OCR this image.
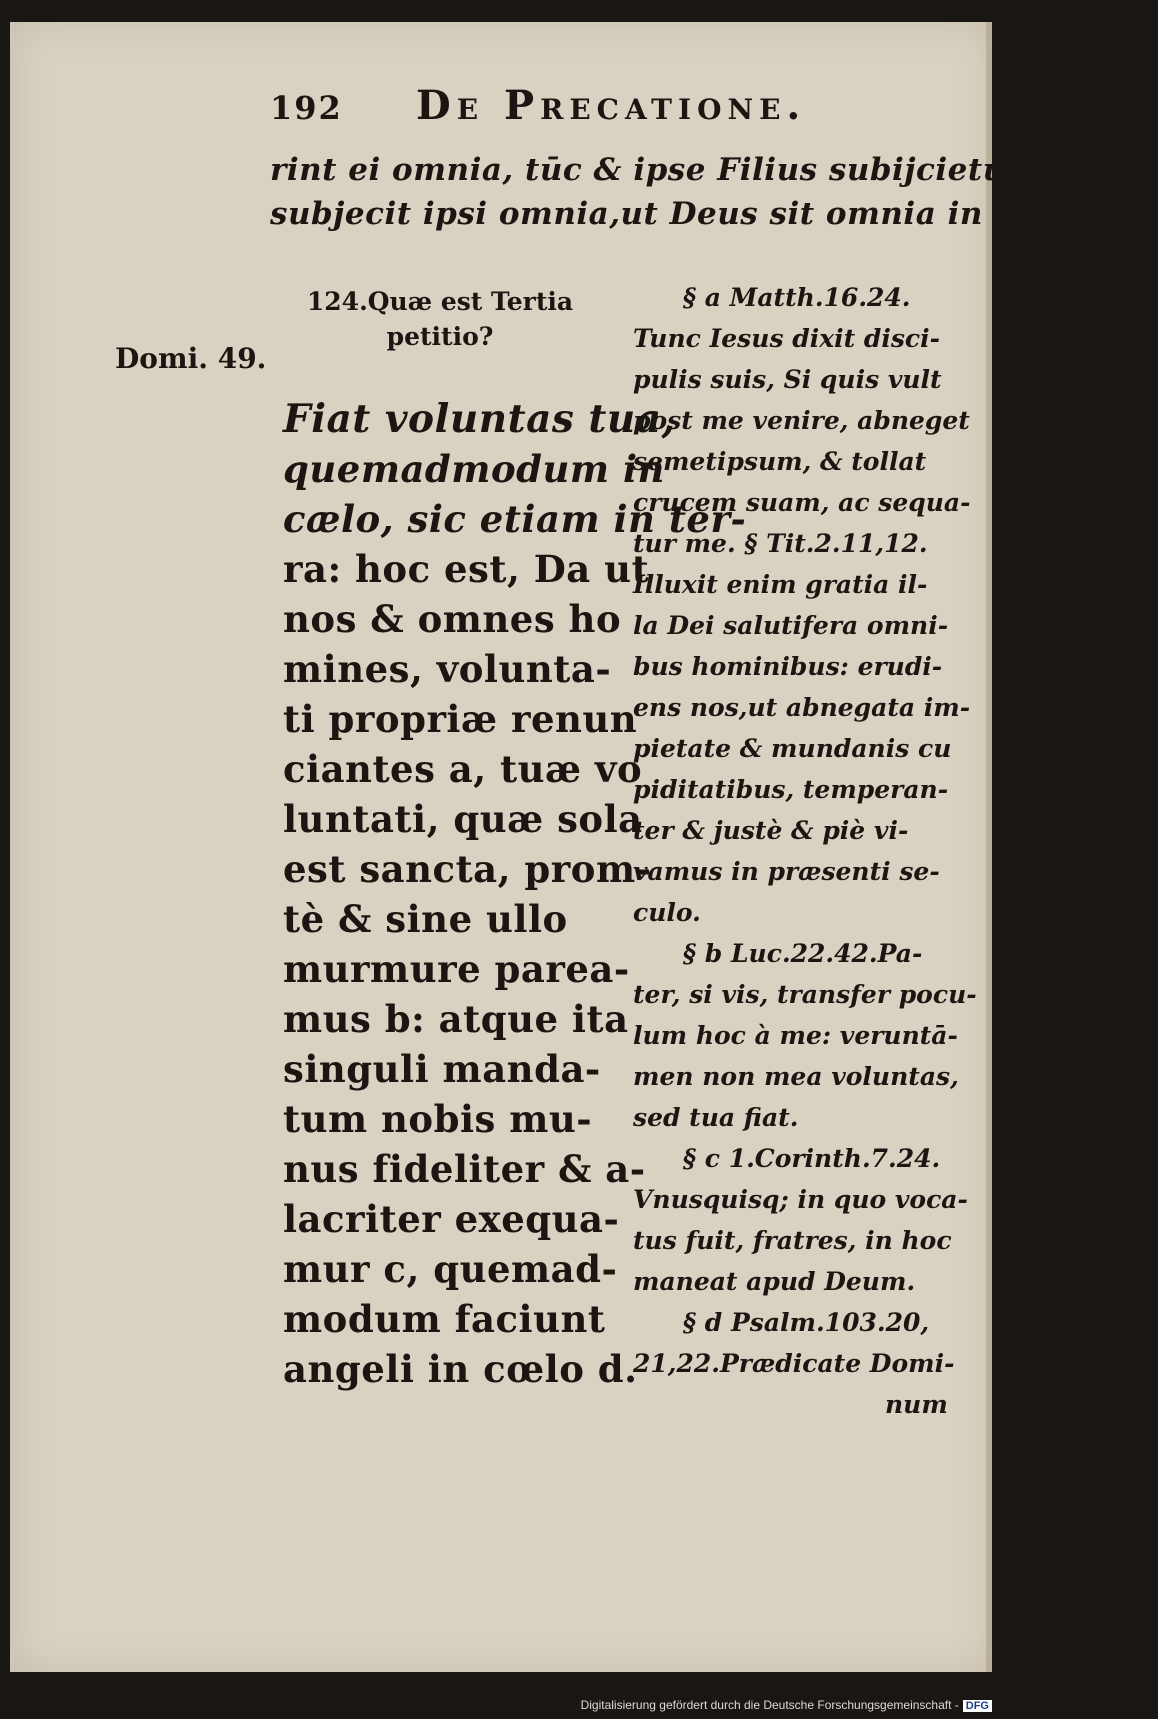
192 De Precatione.
rint ei omnia, tūc & ipse Filius subijcietur ei, qui
subjecit ipsi omnia,ut Deus sit omnia in omnibus.
124.Quæ est Tertia
petitio?
Domi. 49.
Fiat voluntas tua,
quemadmodum in
cælo, sic etiam in ter-
ra: hoc est, Da ut
nos & omnes ho
mines, volunta-
ti propriæ renun
ciantes a, tuæ vo
luntati, quæ sola
est sancta, prom-
tè & sine ullo
murmure parea-
mus b: atque ita
singuli manda-
tum nobis mu-
nus fideliter & a-
lacriter exequa-
mur c, quemad-
modum faciunt
angeli in cœlo d.
§ a Matth.16.24.
Tunc Iesus dixit disci-
pulis suis, Si quis vult
post me venire, abneget
semetipsum, & tollat
crucem suam, ac sequa-
tur me. § Tit.2.11,12.
Illuxit enim gratia il-
la Dei salutifera omni-
bus hominibus: erudi-
ens nos,ut abnegata im-
pietate & mundanis cu
piditatibus, temperan-
ter & justè & piè vi-
vamus in præsenti se-
culo.
§ b Luc.22.42.Pa-
ter, si vis, transfer pocu-
lum hoc à me: veruntā-
men non mea voluntas,
sed tua fiat.
§ c 1.Corinth.7.24.
Vnusquisq; in quo voca-
tus fuit, fratres, in hoc
maneat apud Deum.
§ d Psalm.103.20,
21,22.Prædicate Domi-
num
Digitalisierung gefördert durch die Deutsche Forschungsgemeinschaft - DFG
